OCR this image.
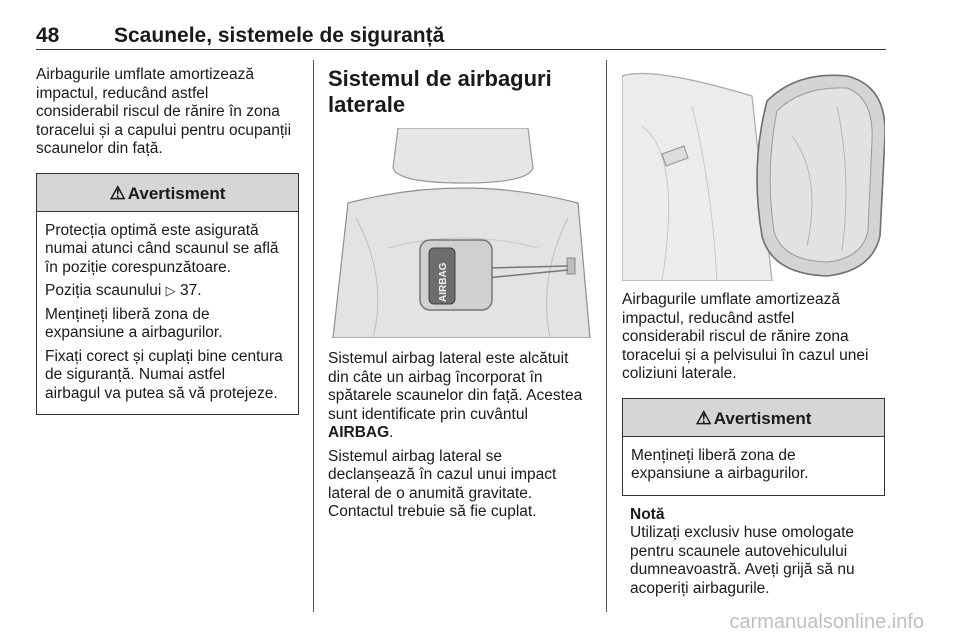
48	Scaunele, sistemele de siguranță

Airbagurile umflate amortizează
impactul, reducând astfel
considerabil riscul de rănire în zona
toracelui și a capului pentru ocupanții
scaunelor din față.

⚠ Avertisment

Protecția optimă este asigurată
numai atunci când scaunul se află
în poziție corespunzătoare.

Poziția scaunului ▷ 37.

Mențineți liberă zona de
expansiune a airbagurilor.

Fixați corect și cuplați bine centura
de siguranță. Numai astfel
airbagul va putea să vă protejeze.

Sistemul de airbaguri
laterale
AIRBAG

Sistemul airbag lateral este alcătuit
din câte un airbag încorporat în
spătarele scaunelor din față. Acestea
sunt identificate prin cuvântul
AIRBAG.

Sistemul airbag lateral se
declanșează în cazul unui impact
lateral de o anumită gravitate.
Contactul trebuie să fie cuplat.

Airbagurile umflate amortizează
impactul, reducând astfel
considerabil riscul de rănire zona
toracelui și a pelvisului în cazul unei
coliziuni laterale.

⚠ Avertisment

Mențineți liberă zona de
expansiune a airbagurilor.

Notă

Utilizați exclusiv huse omologate
pentru scaunele autovehiculului
dumneavoastră. Aveți grijă să nu
acoperiți airbagurile.

carmanualsonline.info
